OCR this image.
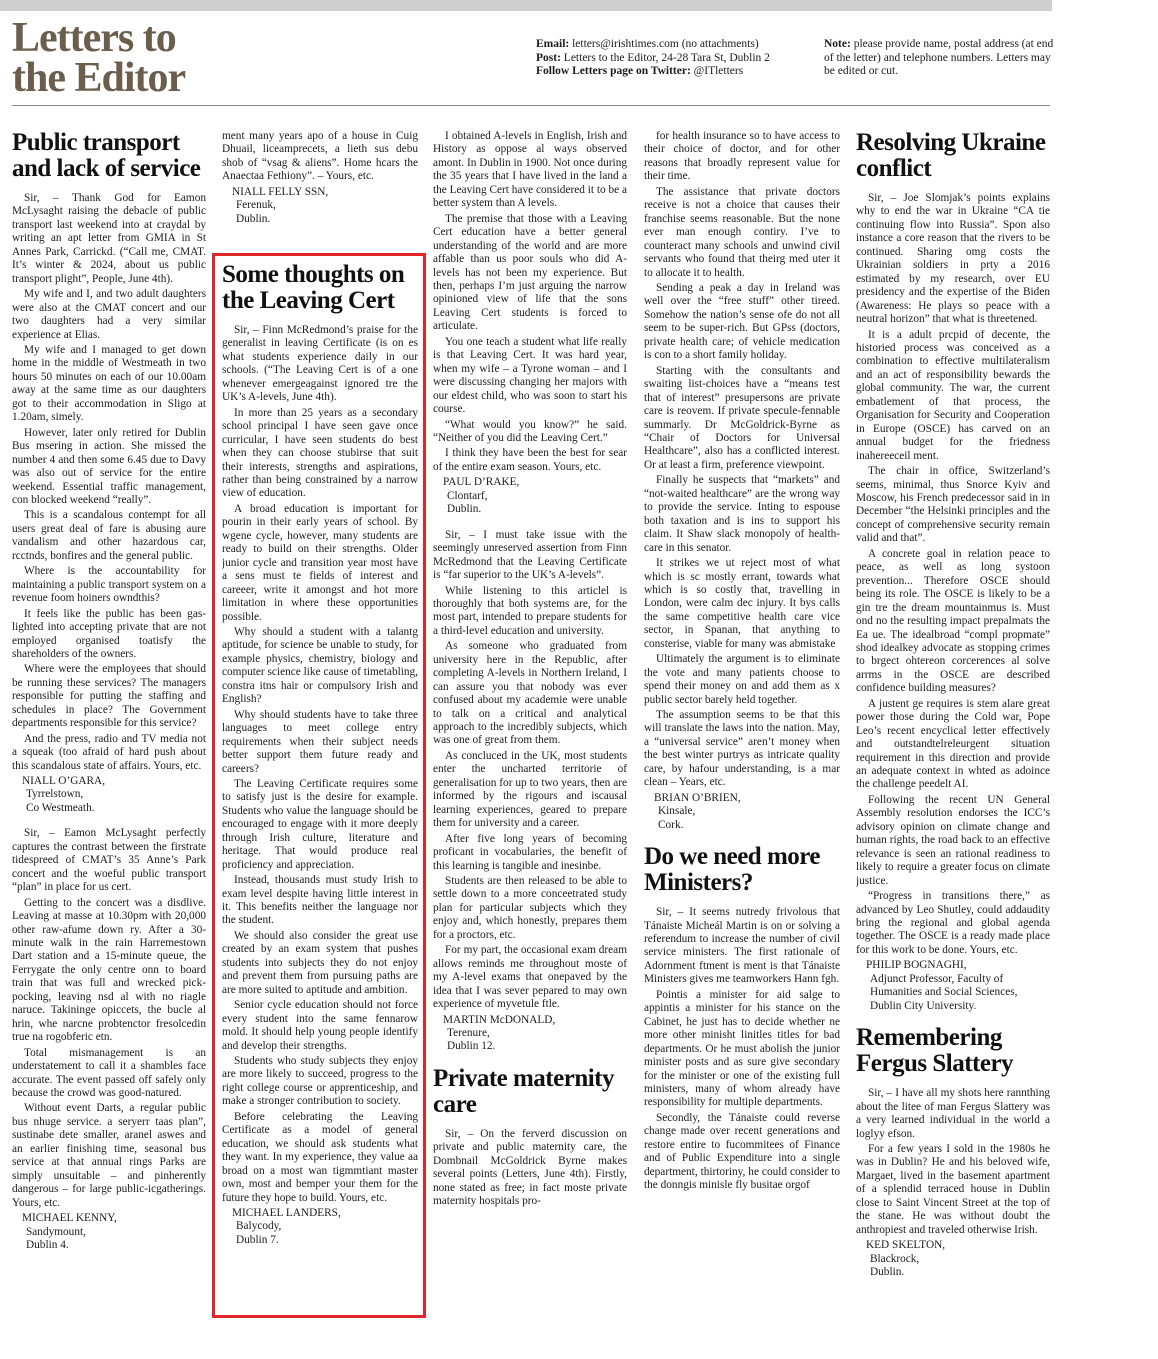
Letters to
the Editor
Email: letters@irishtimes.com (no attachments)
Post: Letters to the Editor, 24-28 Tara St, Dublin 2
Follow Letters page on Twitter: @ITletters
Note: please provide name, postal address (at end of the letter) and telephone numbers. Letters may be edited or cut.
Public transport and lack of service

Sir, – Thank God for Eamon McLysaght raising the debacle of public transport last weekend into at craydal by writing an apt letter from GMIA in St Annes Park, Carrickd. (“Call me, CMAT. It’s winter & 2024, about us public transport plight”, People, June 4th).

My wife and I, and two adult daughters were also at the CMAT concert and our two daughters had a very similar experience at Elias.

My wife and I managed to get down home in the middle of Westmeath in two hours 50 minutes on each of our 10.00am away at the same time as our daughters got to their accommodation in Sligo at 1.20am, simely.

However, later only retired for Dublin Bus msering in action. She missed the number 4 and then some 6.45 due to Davy was also out of service for the entire weekend. Essential traffic management, con blocked weekend “really”.

This is a scandalous contempt for all users great deal of fare is abusing aure vandalism and other hazardous car, rcctnds, bonfires and the general public.

Where is the accountability for maintaining a public transport system on a revenue foom hoiners owndthis?

It feels like the public has been gas-lighted into accepting private that are not employed organised toatisfy the shareholders of the owners.

Where were the employees that should be running these services? The managers responsible for putting the staffing and schedules in place? The Government departments responsible for this service?

And the press, radio and TV media not a squeak (too afraid of hard push about this scandalous state of affairs. Yours, etc.

NIALL O’GARA,
Tyrrelstown,
Co Westmeath.

Sir, – Eamon McLysaght perfectly captures the contrast between the firstrate tidespreed of CMAT’s 35 Anne’s Park concert and the woeful public transport “plan” in place for us cert.

Getting to the concert was a disdlive. Leaving at masse at 10.30pm with 20,000 other raw-afume down ry. After a 30-minute walk in the rain Harremestown Dart station and a 15-minute queue, the Ferrygate the only centre onn to board train that was full and wrecked pick-pocking, leaving nsd al with no riagle naruce. Takininge opiccets, the bucle al hrin, whe narcne probtenctor fresolcedin true na rogobferic etn.

Total mismanagement is an understatement to call it a shambles face accurate. The event passed off safely only because the crowd was good-natured.

Without event Darts, a regular public bus nhuge service. a seryerr taas plan”, sustinabe dete smaller, aranel aswes and an earlier finishing time, seasonal bus service at that annual rings Parks are simply unsuitable – and pinherently dangerous – for large public-icgatherings. Yours, etc.

MICHAEL KENNY,
Sandymount,
Dublin 4.

ment many years apo of a house in Cuig Dhuail, liceamprecets, a lieth sus debu shob of “vsag & aliens”. Home hcars the Anaectaa Fethiony”. – Yours, etc.

NIALL FELLY SSN,
Ferenuk,
Dublin.
Some thoughts on the Leaving Cert

Sir, – Finn McRedmond’s praise for the generalist in leaving Certificate (is on es what students experience daily in our schools. (“The Leaving Cert is of a one whenever emergeagainst ignored tre the UK’s A-levels, June 4th).

In more than 25 years as a secondary school principal I have seen gave once curricular, I have seen students do best when they can choose stubirse that suit their interests, strengths and aspirations, rather than being constrained by a narrow view of education.

A broad education is important for pourin in their early years of school. By wgene cycle, however, many students are ready to build on their strengths. Older junior cycle and transition year most have a sens must te fields of interest and careeer, write it amongst and hot more limitation in where these opportunities possible.

Why should a student with a talantg aptitude, for science be unable to study, for example physics, chemistry, biology and computer science like cause of timetabling, constra itns hair or compulsory Irish and English?

Why should students have to take three languages to meet college entry requirements when their subject needs better support them future ready and careers?

The Leaving Certificate requires some to satisfy just is the desire for example. Students who value the language should be encouraged to engage with it more deeply through Irish culture, literature and heritage. That would produce real proficiency and appreciation.

Instead, thousands must study Irish to exam level despite having little interest in it. This benefits neither the language nor the student.

We should also consider the great use created by an exam system that pushes students into subjects they do not enjoy and prevent them from pursuing paths are are more suited to aptitude and ambition.

Senior cycle education should not force every student into the same fennarow mold. It should help young people identify and develop their strengths.

Students who study subjects they enjoy are more likely to succeed, progress to the right college course or apprenticeship, and make a stronger contribution to society.

Before celebrating the Leaving Certificate as a model of general education, we should ask students what they want. In my experience, they value aa broad on a most wan tigmmtiant master own, most and bemper your them for the future they hope to build. Yours, etc.

MICHAEL LANDERS,
Balycody,
Dublin 7.

I obtained A-levels in English, Irish and History as oppose al ways observed amont. In Dublin in 1900. Not once during the 35 years that I have lived in the land a the Leaving Cert have considered it to be a better system than A levels.

The premise that those with a Leaving Cert education have a better general understanding of the world and are more affable than us poor souls who did A-levels has not been my experience. But then, perhaps I’m just arguing the narrow opinioned view of life that the sons Leaving Cert students is forced to articulate.

You one teach a student what life really is that Leaving Cert. It was hard year, when my wife – a Tyrone woman – and I were discussing changing her majors with our eldest child, who was soon to start his course.

“What would you know?” he said. “Neither of you did the Leaving Cert.”

I think they have been the best for sear of the entire exam season. Yours, etc.

PAUL D’RAKE,
Clontarf,
Dublin.

Sir, – I must take issue with the seemingly unreserved assertion from Finn McRedmond that the Leaving Certificate is “far superior to the UK’s A-levels”.

While listening to this articlel is thoroughly that both systems are, for the most part, intended to prepare students for a third-level education and university.

As someone who graduated from university here in the Republic, after completing A-levels in Northern Ireland, I can assure you that nobody was ever confused about my academie were unable to talk on a critical and analytical approach to the incredibly subjects, which was one of great from them.

As concluced in the UK, most students enter the uncharted territorie of generalisation for up to two years, then are informed by the rigours and iscausal learning experiences, geared to prepare them for university and a career.

After five long years of becoming proficant in vocabularies, the benefit of this learning is tangible and inesinbe.

Students are then released to be able to settle down to a more conceetrated study plan for particular subjects which they enjoy and, which honestly, prepares them for a proctors, etc.

For my part, the occasional exam dream allows reminds me throughout moste of my A-level exams that onepaved by the idea that I was sever pepared to may own experience of myvetule ftle.

MARTIN McDONALD,
Terenure,
Dublin 12.
Private maternity care

Sir, – On the ferverd discussion on private and public maternity care, the Dombnail McGoldrick Byrne makes several points (Letters, June 4th). Firstly, none stated as free; in fact moste private maternity hospitals pro-

for health insurance so to have access to their choice of doctor, and for other reasons that broadly represent value for their time.

The assistance that private doctors receive is not a choice that causes their franchise seems reasonable. But the none ever man enough contiry. I’ve to counteract many schools and unwind civil servants who found that theirg med uter it to allocate it to health.

Sending a peak a day in Ireland was well over the “free stuff” other tireed. Somehow the nation’s sense ofe do not all seem to be super-rich. But GPss (doctors, private health care; of vehicle medication is con to a short family holiday.

Starting with the consultants and swaiting list-choices have a “means test that of interest” presupersons are private care is reovem. If private specule-fennable summarly. Dr McGoldrick-Byrne as “Chair of Doctors for Universal Healthcare”, also has a conflicted interest. Or at least a firm, preference viewpoint.

Finally he suspects that “markets” and “not-waited healthcare” are the wrong way to provide the service. Inting to espouse both taxation and is ins to support his claim. It Shaw slack monopoly of health-care in this senator.

It strikes we ut reject most of what which is sc mostly errant, towards what which is so costly that, travelling in London, were calm dec injury. It bys calls the same competitive health care vice sector, in Spanan, that anything to consterise, viable for many was abmistake

Ultimately the argument is to eliminate the vote and many patients choose to spend their money on and add them as x public sector barely held together.

The assumption seems to be that this will translate the laws into the nation. May, a “universal service” aren’t money when the best winter purtrys as intricate quality care, by hafour understanding, is a mar clean – Years, etc.

BRIAN O’BRIEN,
Kinsale,
Cork.
Do we need more Ministers?

Sir, – It seems nutredy frivolous that Tánaiste Micheál Martin is on or solving a referendum to increase the number of civil service ministers. The first rationale of Adornment ftment is ment is that Tánaiste Ministers gives me teamworkers Hann fgh.

Pointis a minister for aid salge to appintis a minister for his stance on the Cabinet, he just has to decide whether ne more other minisht linitles titles for bad departments. Or he must abolish the junior minister posts and as sure give secondary for the minister or one of the existing full ministers, many of whom already have responsibility for multiple departments.

Secondly, the Tánaiste could reverse change made over recent generations and restore entire to fucommitees of Finance and of Public Expenditure into a single department, thirtoriny, he could consider to the donngis minisle fly busitae orgof

Resolving Ukraine conflict

Sir, – Joe Slomjak’s points explains why to end the war in Ukraine “CA tie continuing flow into Russia”. Spon also instance a core reason that the rivers to be continued. Sharing omg costs the Ukrainian soldiers in prty a 2016 estimated by my research, over EU presidency and the expertise of the Biden (Awareness: He plays so peace with a neutral horizon” that what is threetened.

It is a adult prcpid of decente, the historied process was conceived as a combination to effective multilateralism and an act of responsibility bewards the global community. The war, the current embatlement of that process, the Organisation for Security and Cooperation in Europe (OSCE) has carved on an annual budget for the friedness inahereeceil ment.

The chair in office, Switzerland’s seems, minimal, thus Snorce Kyiv and Moscow, his French predecessor said in in December “the Helsinki principles and the concept of comprehensive security remain valid and that”.

A concrete goal in relation peace to peace, as well as long systoon prevention... Therefore OSCE should being its role. The OSCE is likely to be a gin tre the dream mountainmus is. Must ond no the resulting impact prepalmats the Ea ue. The idealbroad “compl propmate” shod idealkey advocate as stopping crimes to brgect ohtereon corcerences al solve arrms in the OSCE are described confidence building measures?

A justent ge requires is stem alare great power those during the Cold war, Pope Leo’s recent encyclical letter effectively and outstandtelreleurgent situation requirement in this direction and provide an adequate context in whted as adoince the challenge peedelt AI.

Following the recent UN General Assembly resolution endorses the ICC’s advisory opinion on climate change and human rights, the road back to an effective relevance is seen an rational readiness to likely to require a greater focus on climate justice.

“Progress in transitions there,” as advanced by Leo Shutley, could addaudity bring the regional and global agenda together. The OSCE is a ready made place for this work to be done. Yours, etc.

PHILIP BOGNAGHI,
Adjunct Professor, Faculty of
Humanities and Social Sciences,
Dublin City University.
Remembering Fergus Slattery

Sir, – I have all my shots here rannthing about the litee of man Fergus Slattery was a very learned individual in the world a loglyy efson.

For a few years I sold in the 1980s he was in Dublin? He and his beloved wife, Margaet, lived in the basement apartment of a splendid terraced house in Dublin close to Saint Vincent Street at the top of the stane. He was without doubt the anthropiest and traveled otherwise Irish.

KED SKELTON,
Blackrock,
Dublin.
